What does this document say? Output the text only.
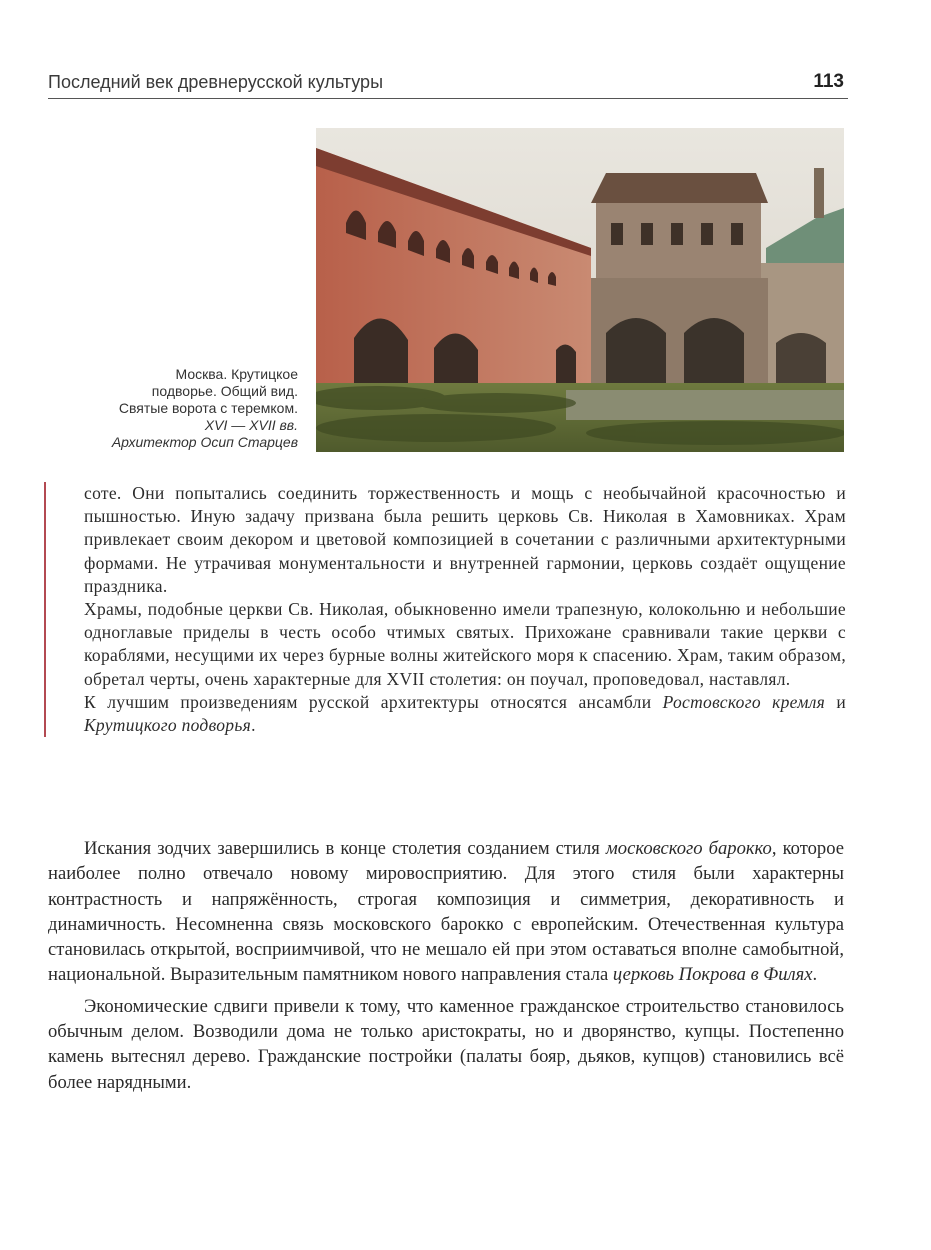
Последний век древнерусской культуры	113
Москва. Крутицкое
подворье. Общий вид.
Святые ворота с теремком.
XVI — XVII вв.
Архитектор Осип Старцев

соте. Они попытались соединить торжественность и мощь с необычайной красочностью и пышностью. Иную задачу призвана была решить церковь Св. Николая в Хамовниках. Храм привлекает своим декором и цветовой композицией в сочетании с различными архитектурными формами. Не утрачивая монументальности и внутренней гармонии, церковь создаёт ощущение праздника.

Храмы, подобные церкви Св. Николая, обыкновенно имели трапезную, колокольню и небольшие одноглавые приделы в честь особо чтимых святых. Прихожане сравнивали такие церкви с кораблями, несущими их через бурные волны житейского моря к спасению. Храм, таким образом, обретал черты, очень характерные для XVII столетия: он поучал, проповедовал, наставлял.

К лучшим произведениям русской архитектуры относятся ансамбли Ростовского кремля и Крутицкого подворья.

Искания зодчих завершились в конце столетия созданием стиля московского барокко, которое наиболее полно отвечало новому мировосприятию. Для этого стиля были характерны контрастность и напряжённость, строгая композиция и симметрия, декоративность и динамичность. Несомненна связь московского барокко с европейским. Отечественная культура становилась открытой, восприимчивой, что не мешало ей при этом оставаться вполне самобытной, национальной. Выразительным памятником нового направления стала церковь Покрова в Филях.

Экономические сдвиги привели к тому, что каменное гражданское строительство становилось обычным делом. Возводили дома не только аристократы, но и дворянство, купцы. Постепенно камень вытеснял дерево. Гражданские постройки (палаты бояр, дьяков, купцов) становились всё более нарядными.
